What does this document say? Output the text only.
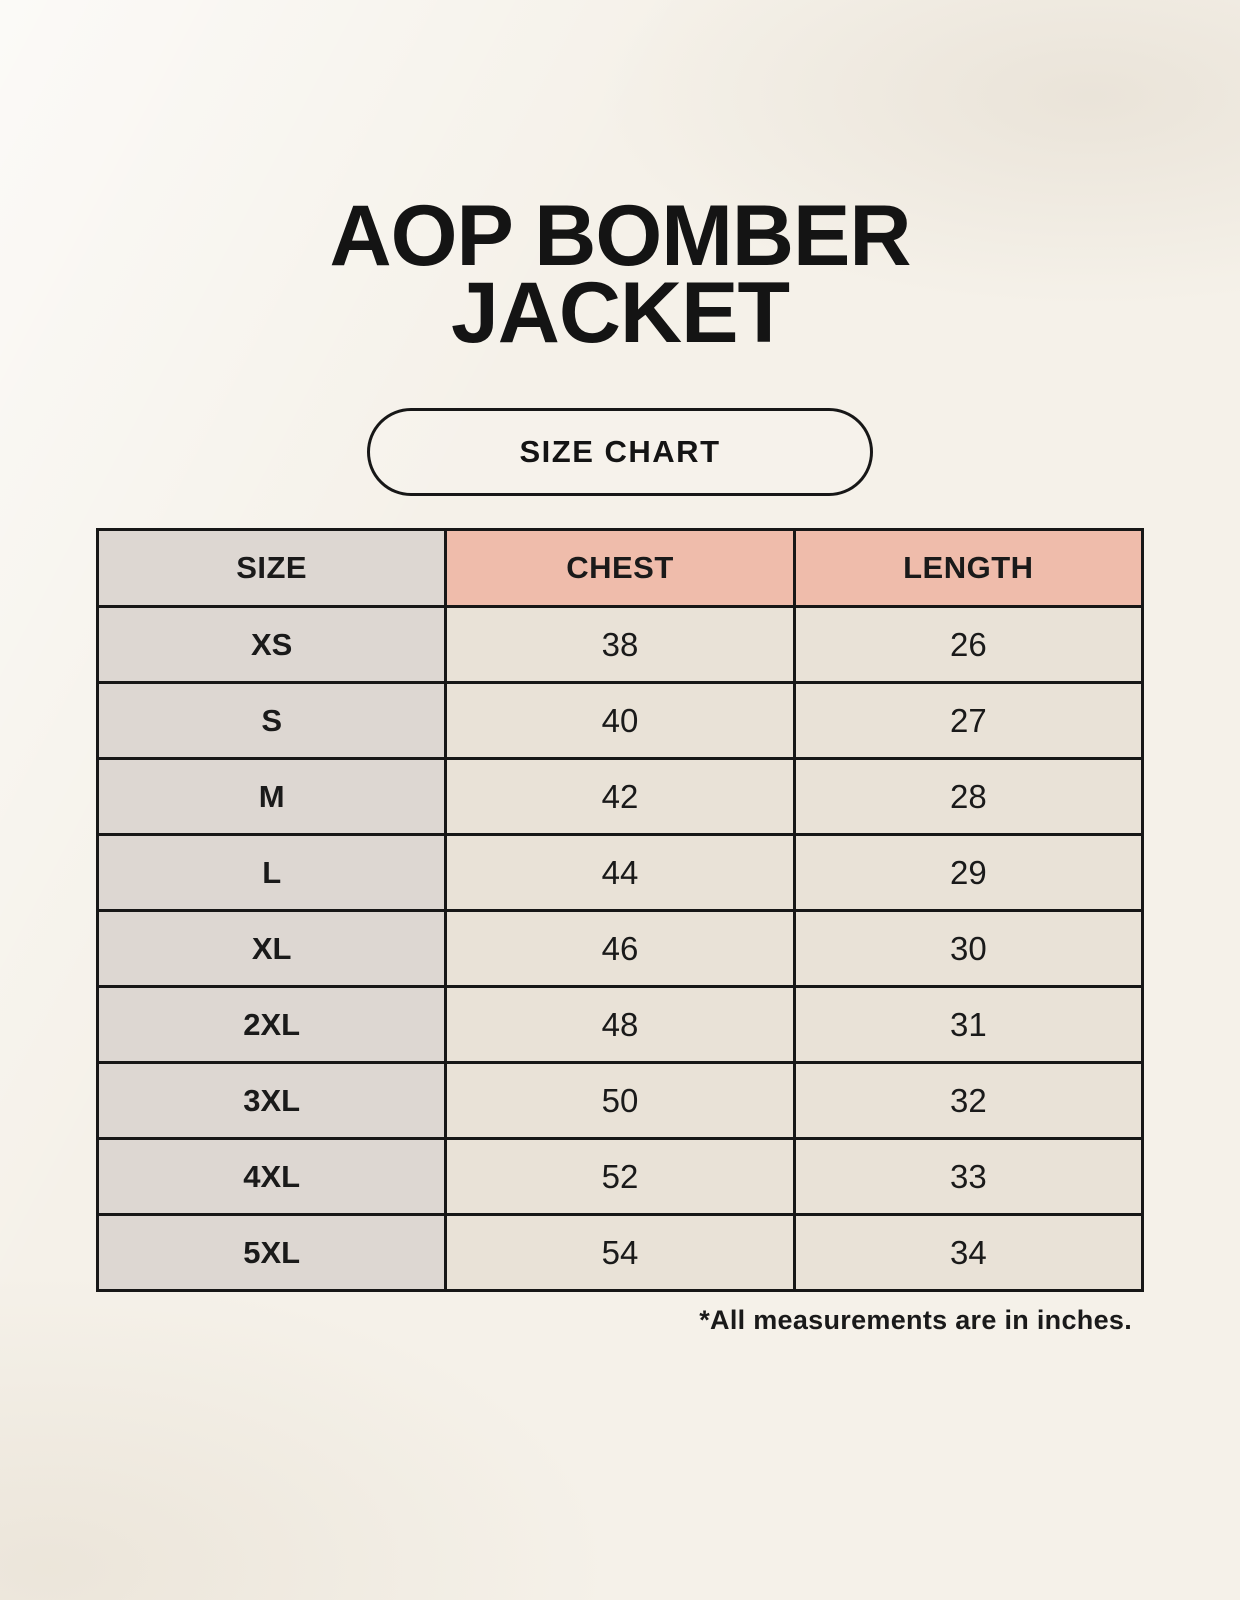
AOP BOMBER
JACKET
SIZE CHART
SIZE	CHEST	LENGTH
XS	38	26
S	40	27
M	42	28
L	44	29
XL	46	30
2XL	48	31
3XL	50	32
4XL	52	33
5XL	54	34
*All measurements are in inches.
